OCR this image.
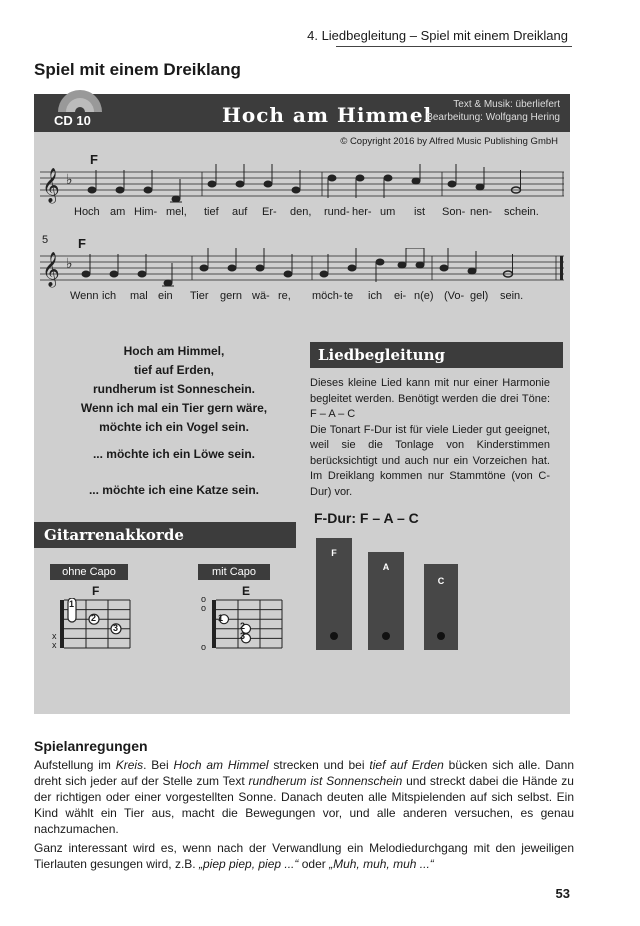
4. Liedbegleitung – Spiel mit einem Dreiklang
Spiel mit einem Dreiklang
CD 10	Hoch am Himmel	Text & Musik: überliefert
Bearbeitung: Wolfgang Hering
© Copyright 2016 by Alfred Music Publishing GmbH
F
𝄞 ♭
Hoch am Him- mel, tief auf Er- den, rund- her- um ist Son- nen- schein.
5 F
𝄞 ♭
Wenn ich mal ein Tier gern wä- re, möch- te ich ei- n(e) (Vo- gel) sein.
Hoch am Himmel,
tief auf Erden,
rundherum ist Sonneschein.
Wenn ich mal ein Tier gern wäre,
möchte ich ein Vogel sein.
... möchte ich ein Löwe sein.
... möchte ich eine Katze sein.
Liedbegleitung
Dieses kleine Lied kann mit nur einer Harmonie begleitet werden. Benötigt werden die drei Töne: F – A – C
Die Tonart F-Dur ist für viele Lieder gut geeignet, weil sie die Tonlage von Kinderstimmen berücksichtigt und auch nur ein Vorzeichen hat. Im Dreiklang kommen nur Stammtöne (von C-Dur) vor.
F-Dur: F – A – C
F
A
C
Gitarrenakkorde
ohne Capo	mit Capo
F	E
1
2
3
x
x
o
o
o
1
2
3
Spielanregungen

Aufstellung im Kreis. Bei Hoch am Himmel strecken und bei tief auf Erden bücken sich alle. Dann dreht sich jeder auf der Stelle zum Text rundherum ist Sonnenschein und streckt dabei die Hände zu der richtigen oder einer vorgestellten Sonne. Danach deuten alle Mitspielenden auf sich selbst. Ein Kind wählt ein Tier aus, macht die Bewegungen vor, und alle anderen versuchen, es genau nachzumachen.

Ganz interessant wird es, wenn nach der Verwandlung ein Melodiedurchgang mit den jeweiligen Tierlauten gesungen wird, z.B. „piep piep, piep ...“ oder „Muh, muh, muh ...“

53
